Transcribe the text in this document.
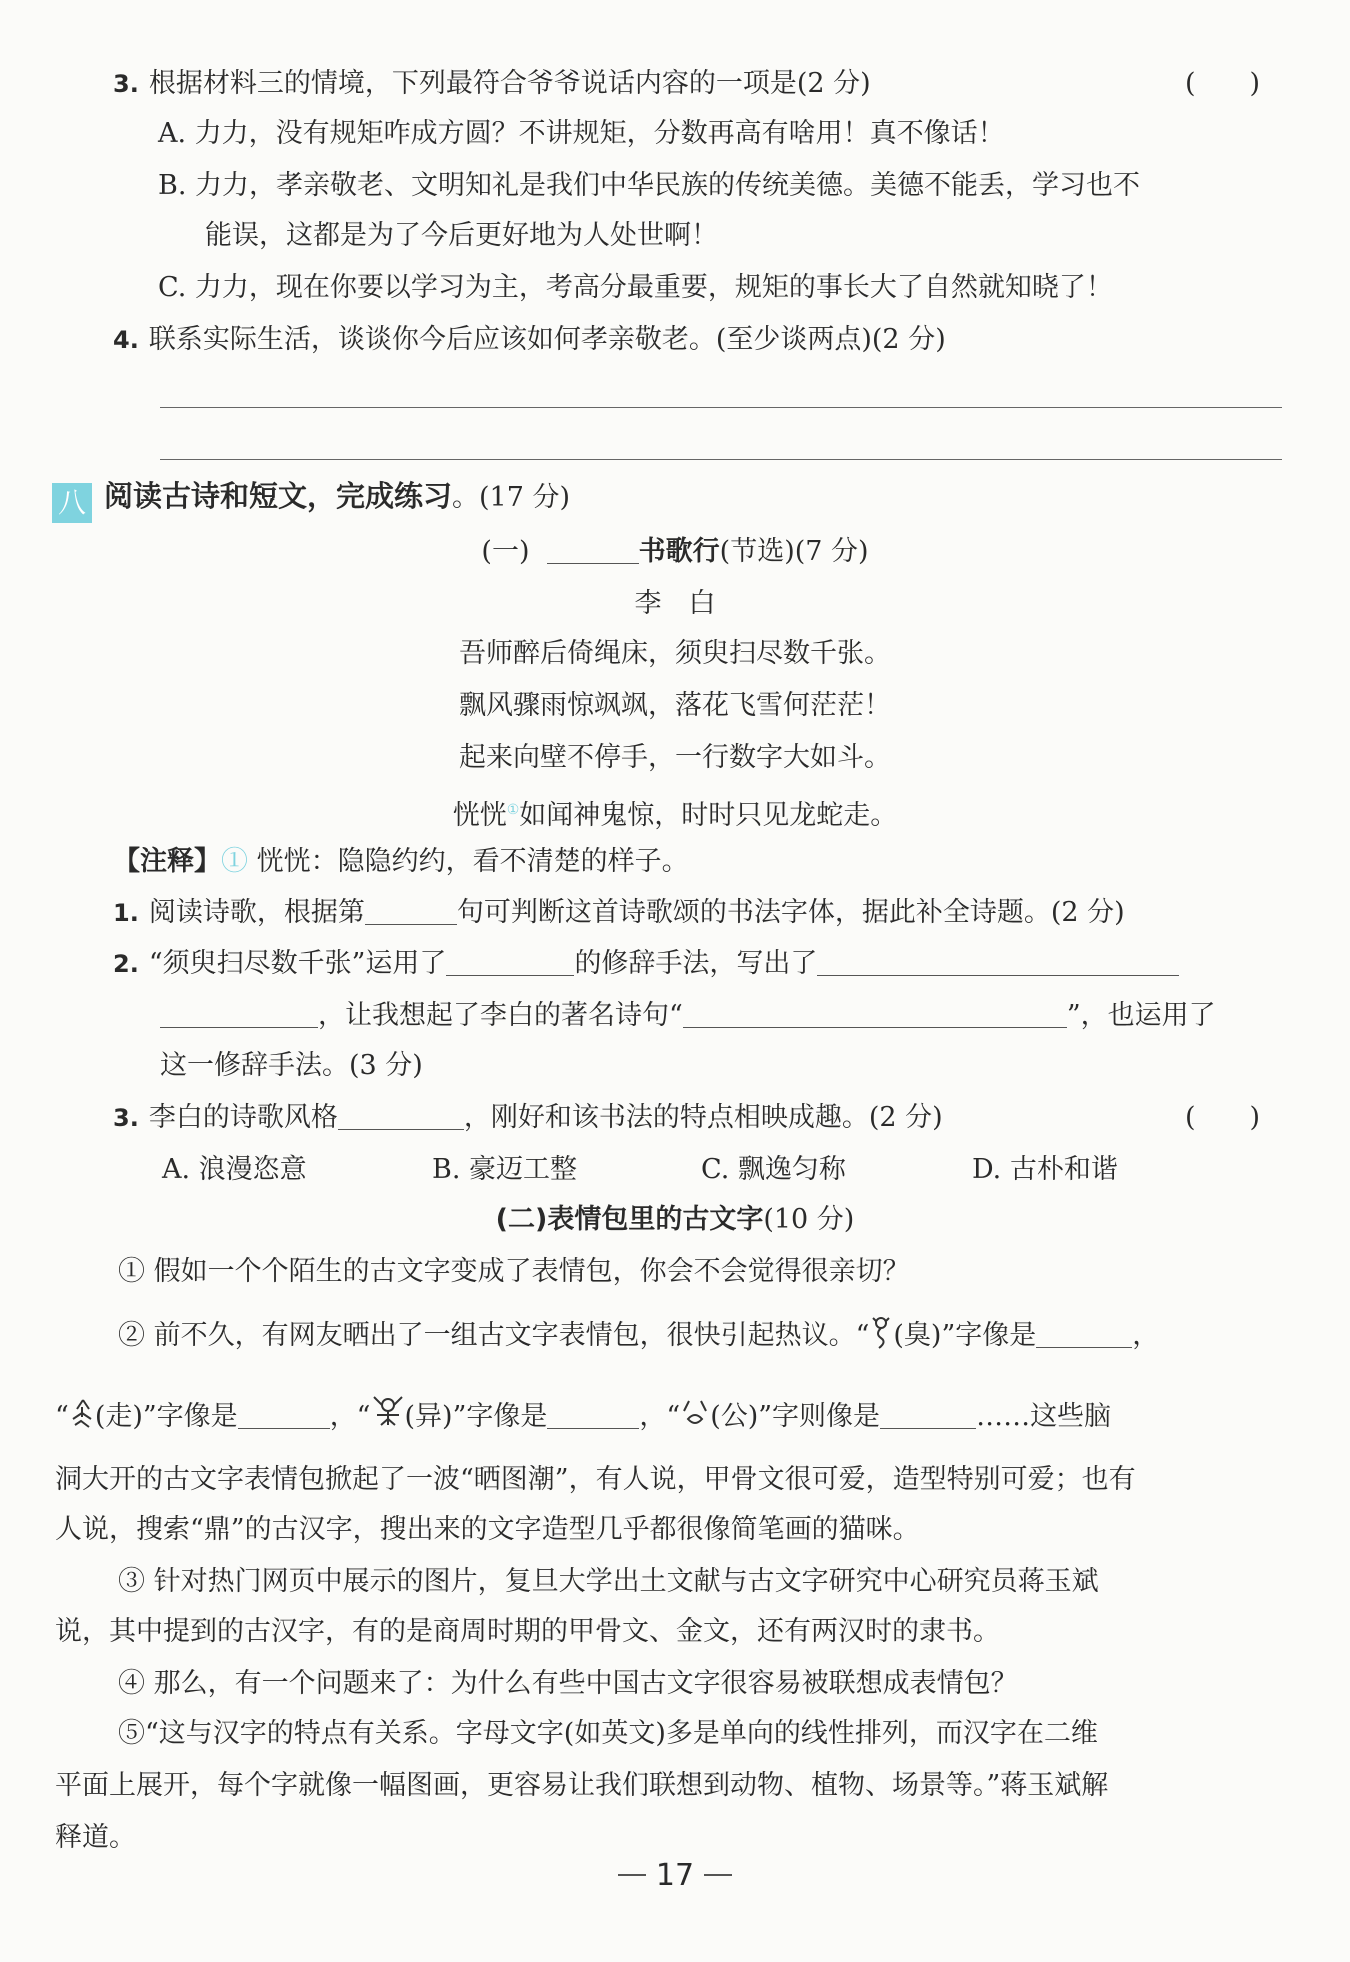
3. 根据材料三的情境，下列最符合爷爷说话内容的一项是(2 分)	(　　)
A. 力力，没有规矩咋成方圆？不讲规矩，分数再高有啥用！真不像话！
B. 力力，孝亲敬老、文明知礼是我们中华民族的传统美德。美德不能丢，学习也不
能误，这都是为了今后更好地为人处世啊！
C. 力力，现在你要以学习为主，考高分最重要，规矩的事长大了自然就知晓了！
4. 联系实际生活，谈谈你今后应该如何孝亲敬老。(至少谈两点)(2 分)
八 阅读古诗和短文，完成练习。(17 分)
(一)	书歌行(节选)(7 分)
李　白
吾师醉后倚绳床，须臾扫尽数千张。
飘风骤雨惊飒飒，落花飞雪何茫茫！
起来向壁不停手，一行数字大如斗。
恍恍①如闻神鬼惊，时时只见龙蛇走。
【注释】① 恍恍：隐隐约约，看不清楚的样子。
1. 阅读诗歌，根据第	句可判断这首诗歌颂的书法字体，据此补全诗题。(2 分)
2. “须臾扫尽数千张”运用了	的修辞手法，写出了
，让我想起了李白的著名诗句“	”，也运用了
这一修辞手法。(3 分)
3. 李白的诗歌风格	，刚好和该书法的特点相映成趣。(2 分)	(　　)
A. 浪漫恣意	B. 豪迈工整	C. 飘逸匀称	D. 古朴和谐
(二)表情包里的古文字(10 分)
① 假如一个个陌生的古文字变成了表情包，你会不会觉得很亲切？
② 前不久，有网友晒出了一组古文字表情包，很快引起热议。“ (臭)”字像是	，
“ (走)”字像是	，“ (异)”字像是	，“ (公)”字则像是	……这些脑
洞大开的古文字表情包掀起了一波“晒图潮”，有人说，甲骨文很可爱，造型特别可爱；也有
人说，搜索“鼎”的古汉字，搜出来的文字造型几乎都很像简笔画的猫咪。
③ 针对热门网页中展示的图片，复旦大学出土文献与古文字研究中心研究员蒋玉斌
说，其中提到的古汉字，有的是商周时期的甲骨文、金文，还有两汉时的隶书。
④ 那么，有一个问题来了：为什么有些中国古文字很容易被联想成表情包？
⑤“这与汉字的特点有关系。字母文字(如英文)多是单向的线性排列，而汉字在二维
平面上展开，每个字就像一幅图画，更容易让我们联想到动物、植物、场景等。”蒋玉斌解
释道。
17
